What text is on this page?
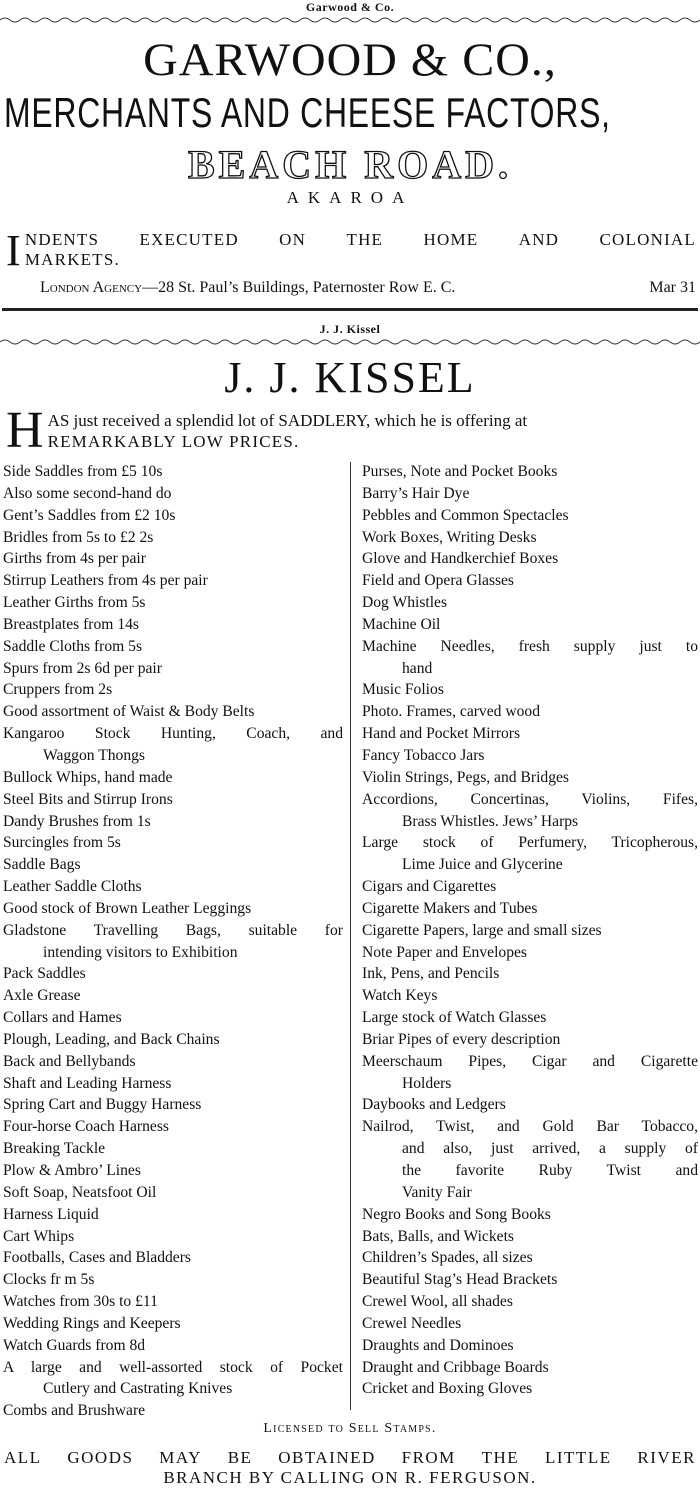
Garwood & Co.
GARWOOD & CO.,
MERCHANTS AND CHEESE FACTORS,
BEACH ROAD.
AKAROA
I NDENTS EXECUTED ON THE HOME AND COLONIAL
MARKETS.
London Agency—28 St. Paul’s Buildings, Paternoster Row E. C.	Mar 31
J. J. Kissel
J. J. KISSEL
H AS just received a splendid lot of SADDLERY, which he is offering at
REMARKABLY LOW PRICES.
Side Saddles from £5 10s
Also some second-hand do
Gent’s Saddles from £2 10s
Bridles from 5s to £2 2s
Girths from 4s per pair
Stirrup Leathers from 4s per pair
Leather Girths from 5s
Breastplates from 14s
Saddle Cloths from 5s
Spurs from 2s 6d per pair
Cruppers from 2s
Good assortment of Waist & Body Belts
Kangaroo Stock Hunting, Coach, and
Waggon Thongs
Bullock Whips, hand made
Steel Bits and Stirrup Irons
Dandy Brushes from 1s
Surcingles from 5s
Saddle Bags
Leather Saddle Cloths
Good stock of Brown Leather Leggings
Gladstone Travelling Bags, suitable for
intending visitors to Exhibition
Pack Saddles
Axle Grease
Collars and Hames
Plough, Leading, and Back Chains
Back and Bellybands
Shaft and Leading Harness
Spring Cart and Buggy Harness
Four-horse Coach Harness
Breaking Tackle
Plow & Ambro’ Lines
Soft Soap, Neatsfoot Oil
Harness Liquid
Cart Whips
Footballs, Cases and Bladders
Clocks fr m 5s
Watches from 30s to £11
Wedding Rings and Keepers
Watch Guards from 8d
A large and well-assorted stock of Pocket
Cutlery and Castrating Knives
Combs and Brushware
Purses, Note and Pocket Books
Barry’s Hair Dye
Pebbles and Common Spectacles
Work Boxes, Writing Desks
Glove and Handkerchief Boxes
Field and Opera Glasses
Dog Whistles
Machine Oil
Machine Needles, fresh supply just to
hand
Music Folios
Photo. Frames, carved wood
Hand and Pocket Mirrors
Fancy Tobacco Jars
Violin Strings, Pegs, and Bridges
Accordions, Concertinas, Violins, Fifes,
Brass Whistles. Jews’ Harps
Large stock of Perfumery, Tricopherous,
Lime Juice and Glycerine
Cigars and Cigarettes
Cigarette Makers and Tubes
Cigarette Papers, large and small sizes
Note Paper and Envelopes
Ink, Pens, and Pencils
Watch Keys
Large stock of Watch Glasses
Briar Pipes of every description
Meerschaum Pipes, Cigar and Cigarette
Holders
Daybooks and Ledgers
Nailrod, Twist, and Gold Bar Tobacco,
and also, just arrived, a supply of
the favorite Ruby Twist and
Vanity Fair
Negro Books and Song Books
Bats, Balls, and Wickets
Children’s Spades, all sizes
Beautiful Stag’s Head Brackets
Crewel Wool, all shades
Crewel Needles
Draughts and Dominoes
Draught and Cribbage Boards
Cricket and Boxing Gloves
Licensed to Sell Stamps.
ALL GOODS MAY BE OBTAINED FROM THE LITTLE RIVER
BRANCH BY CALLING ON R. FERGUSON.
